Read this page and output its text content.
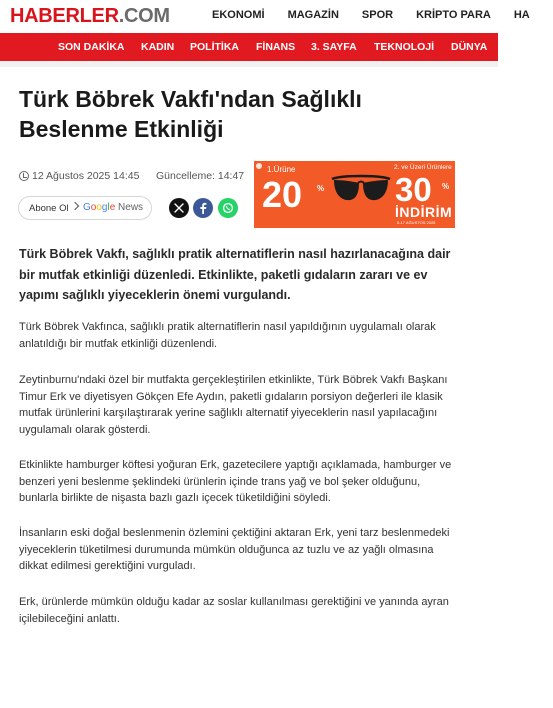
HABERLER.COM	EKONOMİ MAGAZİN SPOR KRİPTO PARA HA
SON DAKİKA KADIN POLİTİKA FİNANS 3. SAYFA TEKNOLOJİ DÜNYA
Türk Böbrek Vakfı'ndan Sağlıklı Beslenme Etkinliği
12 Ağustos 2025 14:45 Güncelleme: 14:47
Abone Ol Google News
1.Ürüne
20 %
2. ve Üzeri Ürünlere
30 %
İNDİRİM
6-17 AĞUSTOS 2025

Türk Böbrek Vakfı, sağlıklı pratik alternatiflerin nasıl hazırlanacağına dair bir mutfak etkinliği düzenledi. Etkinlikte, paketli gıdaların zararı ve ev yapımı sağlıklı yiyeceklerin önemi vurgulandı.

Türk Böbrek Vakfınca, sağlıklı pratik alternatiflerin nasıl yapıldığının uygulamalı olarak anlatıldığı bir mutfak etkinliği düzenlendi.

Zeytinburnu'ndaki özel bir mutfakta gerçekleştirilen etkinlikte, Türk Böbrek Vakfı Başkanı Timur Erk ve diyetisyen Gökçen Efe Aydın, paketli gıdaların porsiyon değerleri ile klasik mutfak ürünlerini karşılaştırarak yerine sağlıklı alternatif yiyeceklerin nasıl yapılacağını uygulamalı olarak gösterdi.

Etkinlikte hamburger köftesi yoğuran Erk, gazetecilere yaptığı açıklamada, hamburger ve benzeri yeni beslenme şeklindeki ürünlerin içinde trans yağ ve bol şeker olduğunu, bunlarla birlikte de nişasta bazlı gazlı içecek tüketildiğini söyledi.

İnsanların eski doğal beslenmenin özlemini çektiğini aktaran Erk, yeni tarz beslenmedeki yiyeceklerin tüketilmesi durumunda mümkün olduğunca az tuzlu ve az yağlı olmasına dikkat edilmesi gerektiğini vurguladı.

Erk, ürünlerde mümkün olduğu kadar az soslar kullanılması gerektiğini ve yanında ayran içilebileceğini anlattı.
